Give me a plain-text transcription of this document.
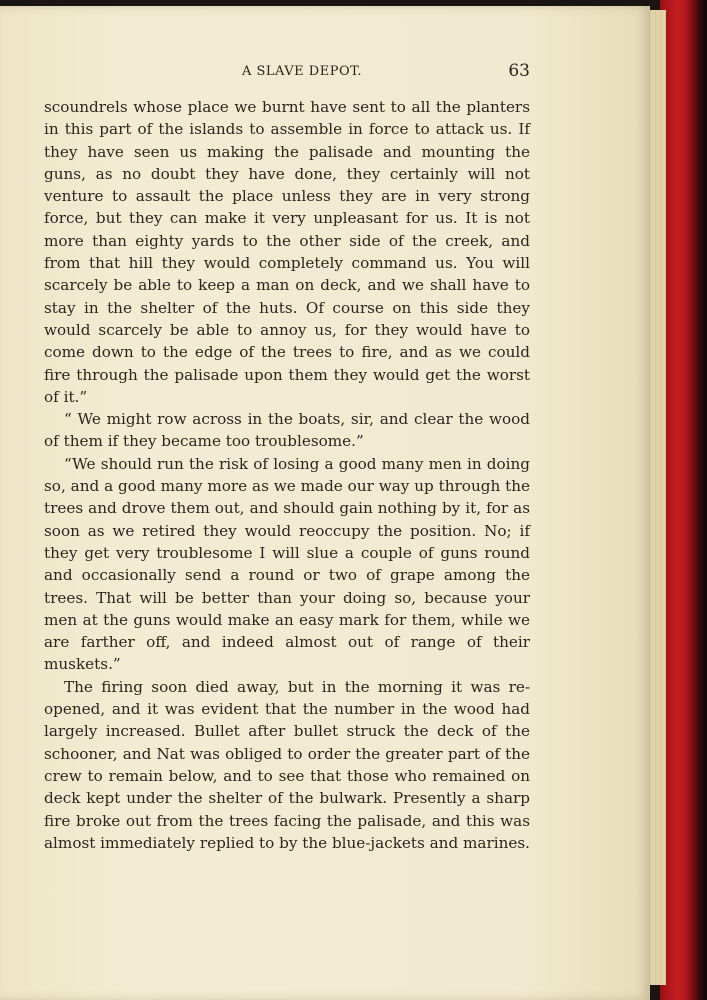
A SLAVE DEPOT.	63

scoundrels whose place we burnt have sent to all the planters in this part of the islands to assemble in force to attack us. If they have seen us making the palisade and mounting the guns, as no doubt they have done, they certainly will not venture to assault the place unless they are in very strong force, but they can make it very unpleasant for us. It is not more than eighty yards to the other side of the creek, and from that hill they would completely command us. You will scarcely be able to keep a man on deck, and we shall have to stay in the shelter of the huts. Of course on this side they would scarcely be able to annoy us, for they would have to come down to the edge of the trees to fire, and as we could fire through the palisade upon them they would get the worst of it.”

“ We might row across in the boats, sir, and clear the wood of them if they became too troublesome.”

“We should run the risk of losing a good many men in doing so, and a good many more as we made our way up through the trees and drove them out, and should gain nothing by it, for as soon as we retired they would reoccupy the position. No; if they get very troublesome I will slue a couple of guns round and occasionally send a round or two of grape among the trees. That will be better than your doing so, because your men at the guns would make an easy mark for them, while we are farther off, and indeed almost out of range of their muskets.”

The firing soon died away, but in the morning it was re-opened, and it was evident that the number in the wood had largely increased. Bullet after bullet struck the deck of the schooner, and Nat was obliged to order the greater part of the crew to remain below, and to see that those who remained on deck kept under the shelter of the bulwark. Presently a sharp fire broke out from the trees facing the palisade, and this was almost immediately replied to by the blue-jackets and marines.
